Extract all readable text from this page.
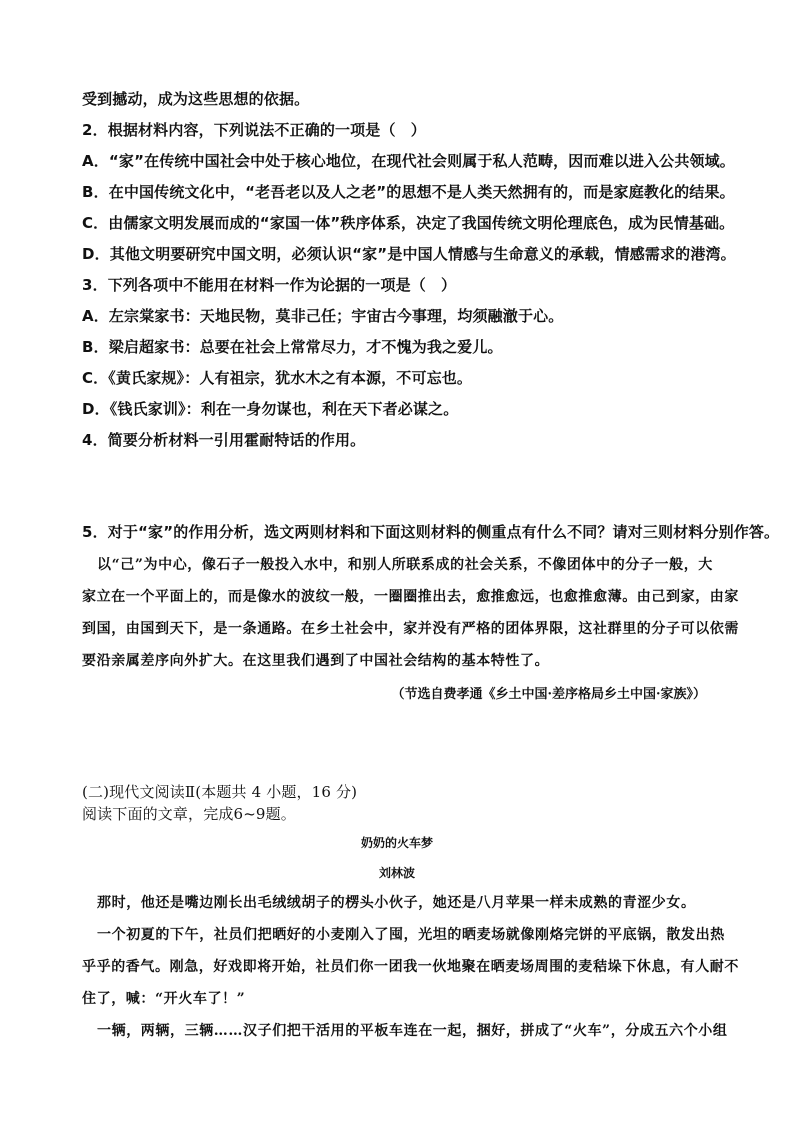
受到撼动，成为这些思想的依据。

2．根据材料内容，下列说法不正确的一项是（　）

A．“家”在传统中国社会中处于核心地位，在现代社会则属于私人范畴，因而难以进入公共领域。

B．在中国传统文化中，“老吾老以及人之老”的思想不是人类天然拥有的，而是家庭教化的结果。

C．由儒家文明发展而成的“家国一体”秩序体系，决定了我国传统文明伦理底色，成为民情基础。

D．其他文明要研究中国文明，必须认识“家”是中国人情感与生命意义的承载，情感需求的港湾。

3．下列各项中不能用在材料一作为论据的一项是（　）

A．左宗棠家书：天地民物，莫非己任；宇宙古今事理，均须融澈于心。

B．梁启超家书：总要在社会上常常尽力，才不愧为我之爱儿。

C．《黄氏家规》：人有祖宗，犹水木之有本源，不可忘也。

D．《钱氏家训》：利在一身勿谋也，利在天下者必谋之。

4．简要分析材料一引用霍耐特话的作用。

5．对于“家”的作用分析，选文两则材料和下面这则材料的侧重点有什么不同？请对三则材料分别作答。

以“己”为中心，像石子一般投入水中，和别人所联系成的社会关系，不像团体中的分子一般，大

家立在一个平面上的，而是像水的波纹一般，一圈圈推出去，愈推愈远，也愈推愈薄。由己到家，由家

到国，由国到天下，是一条通路。在乡土社会中，家并没有严格的团体界限，这社群里的分子可以依需

要沿亲属差序向外扩大。在这里我们遇到了中国社会结构的基本特性了。

（节选自费孝通《乡土中国·差序格局乡土中国·家族》）

(二)现代文阅读Ⅱ(本题共 4 小题，16 分)

阅读下面的文章，完成6~9题。

奶奶的火车梦

刘林波

那时，他还是嘴边刚长出毛绒绒胡子的楞头小伙子，她还是八月苹果一样未成熟的青涩少女。

一个初夏的下午，社员们把晒好的小麦刚入了囤，光坦的晒麦场就像刚烙完饼的平底锅，散发出热

乎乎的香气。刚急，好戏即将开始，社员们你一团我一伙地聚在晒麦场周围的麦秸垛下休息，有人耐不

住了，喊：“开火车了！”

一辆，两辆，三辆……汉子们把干活用的平板车连在一起，捆好，拼成了“火车”，分成五六个小组
